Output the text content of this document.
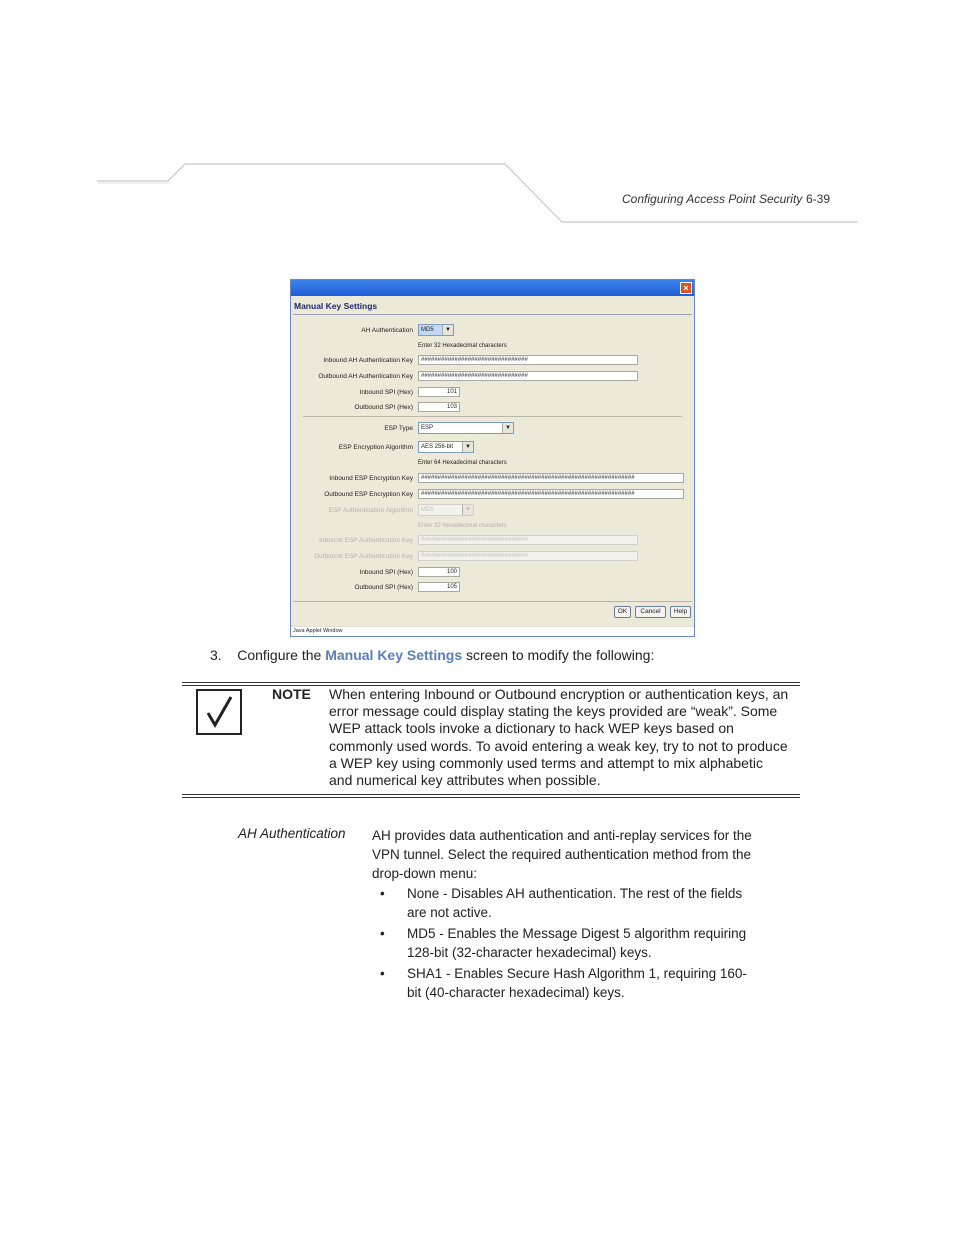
Configuring Access Point Security 6-39
×
Manual Key Settings
AH Authentication	MD5	▼
Enter 32 Hexadecimal characters
Inbound AH Authentication Key	################################
Outbound AH Authentication Key	################################
Inbound SPI (Hex)	101
Outbound SPI (Hex)	103
ESP Type	ESP	▼
ESP Encryption Algorithm	AES 256-bit	▼
Enter 64 Hexadecimal characters
Inbound ESP Encryption Key	################################################################
Outbound ESP Encryption Key	################################################################
ESP Authentication Algorithm	MD5	▼
Enter 32 Hexadecimal characters
Inbound ESP Authentication Key	################################
Outbound ESP Authentication Key	################################
Inbound SPI (Hex)	100
Outbound SPI (Hex)	105
OK	Cancel	Help
Java Applet Window
3. Configure the Manual Key Settings screen to modify the following:
NOTE When entering Inbound or Outbound encryption or authentication keys, an error message could display stating the keys provided are “weak”. Some WEP attack tools invoke a dictionary to hack WEP keys based on commonly used words. To avoid entering a weak key, try to not to produce a WEP key using commonly used terms and attempt to mix alphabetic and numerical key attributes when possible.
AH Authentication AH provides data authentication and anti-replay services for the VPN tunnel. Select the required authentication method from the drop-down menu:
• None - Disables AH authentication. The rest of the fields are not active.
• MD5 - Enables the Message Digest 5 algorithm requiring 128-bit (32-character hexadecimal) keys.
• SHA1 - Enables Secure Hash Algorithm 1, requiring 160-bit (40-character hexadecimal) keys.
